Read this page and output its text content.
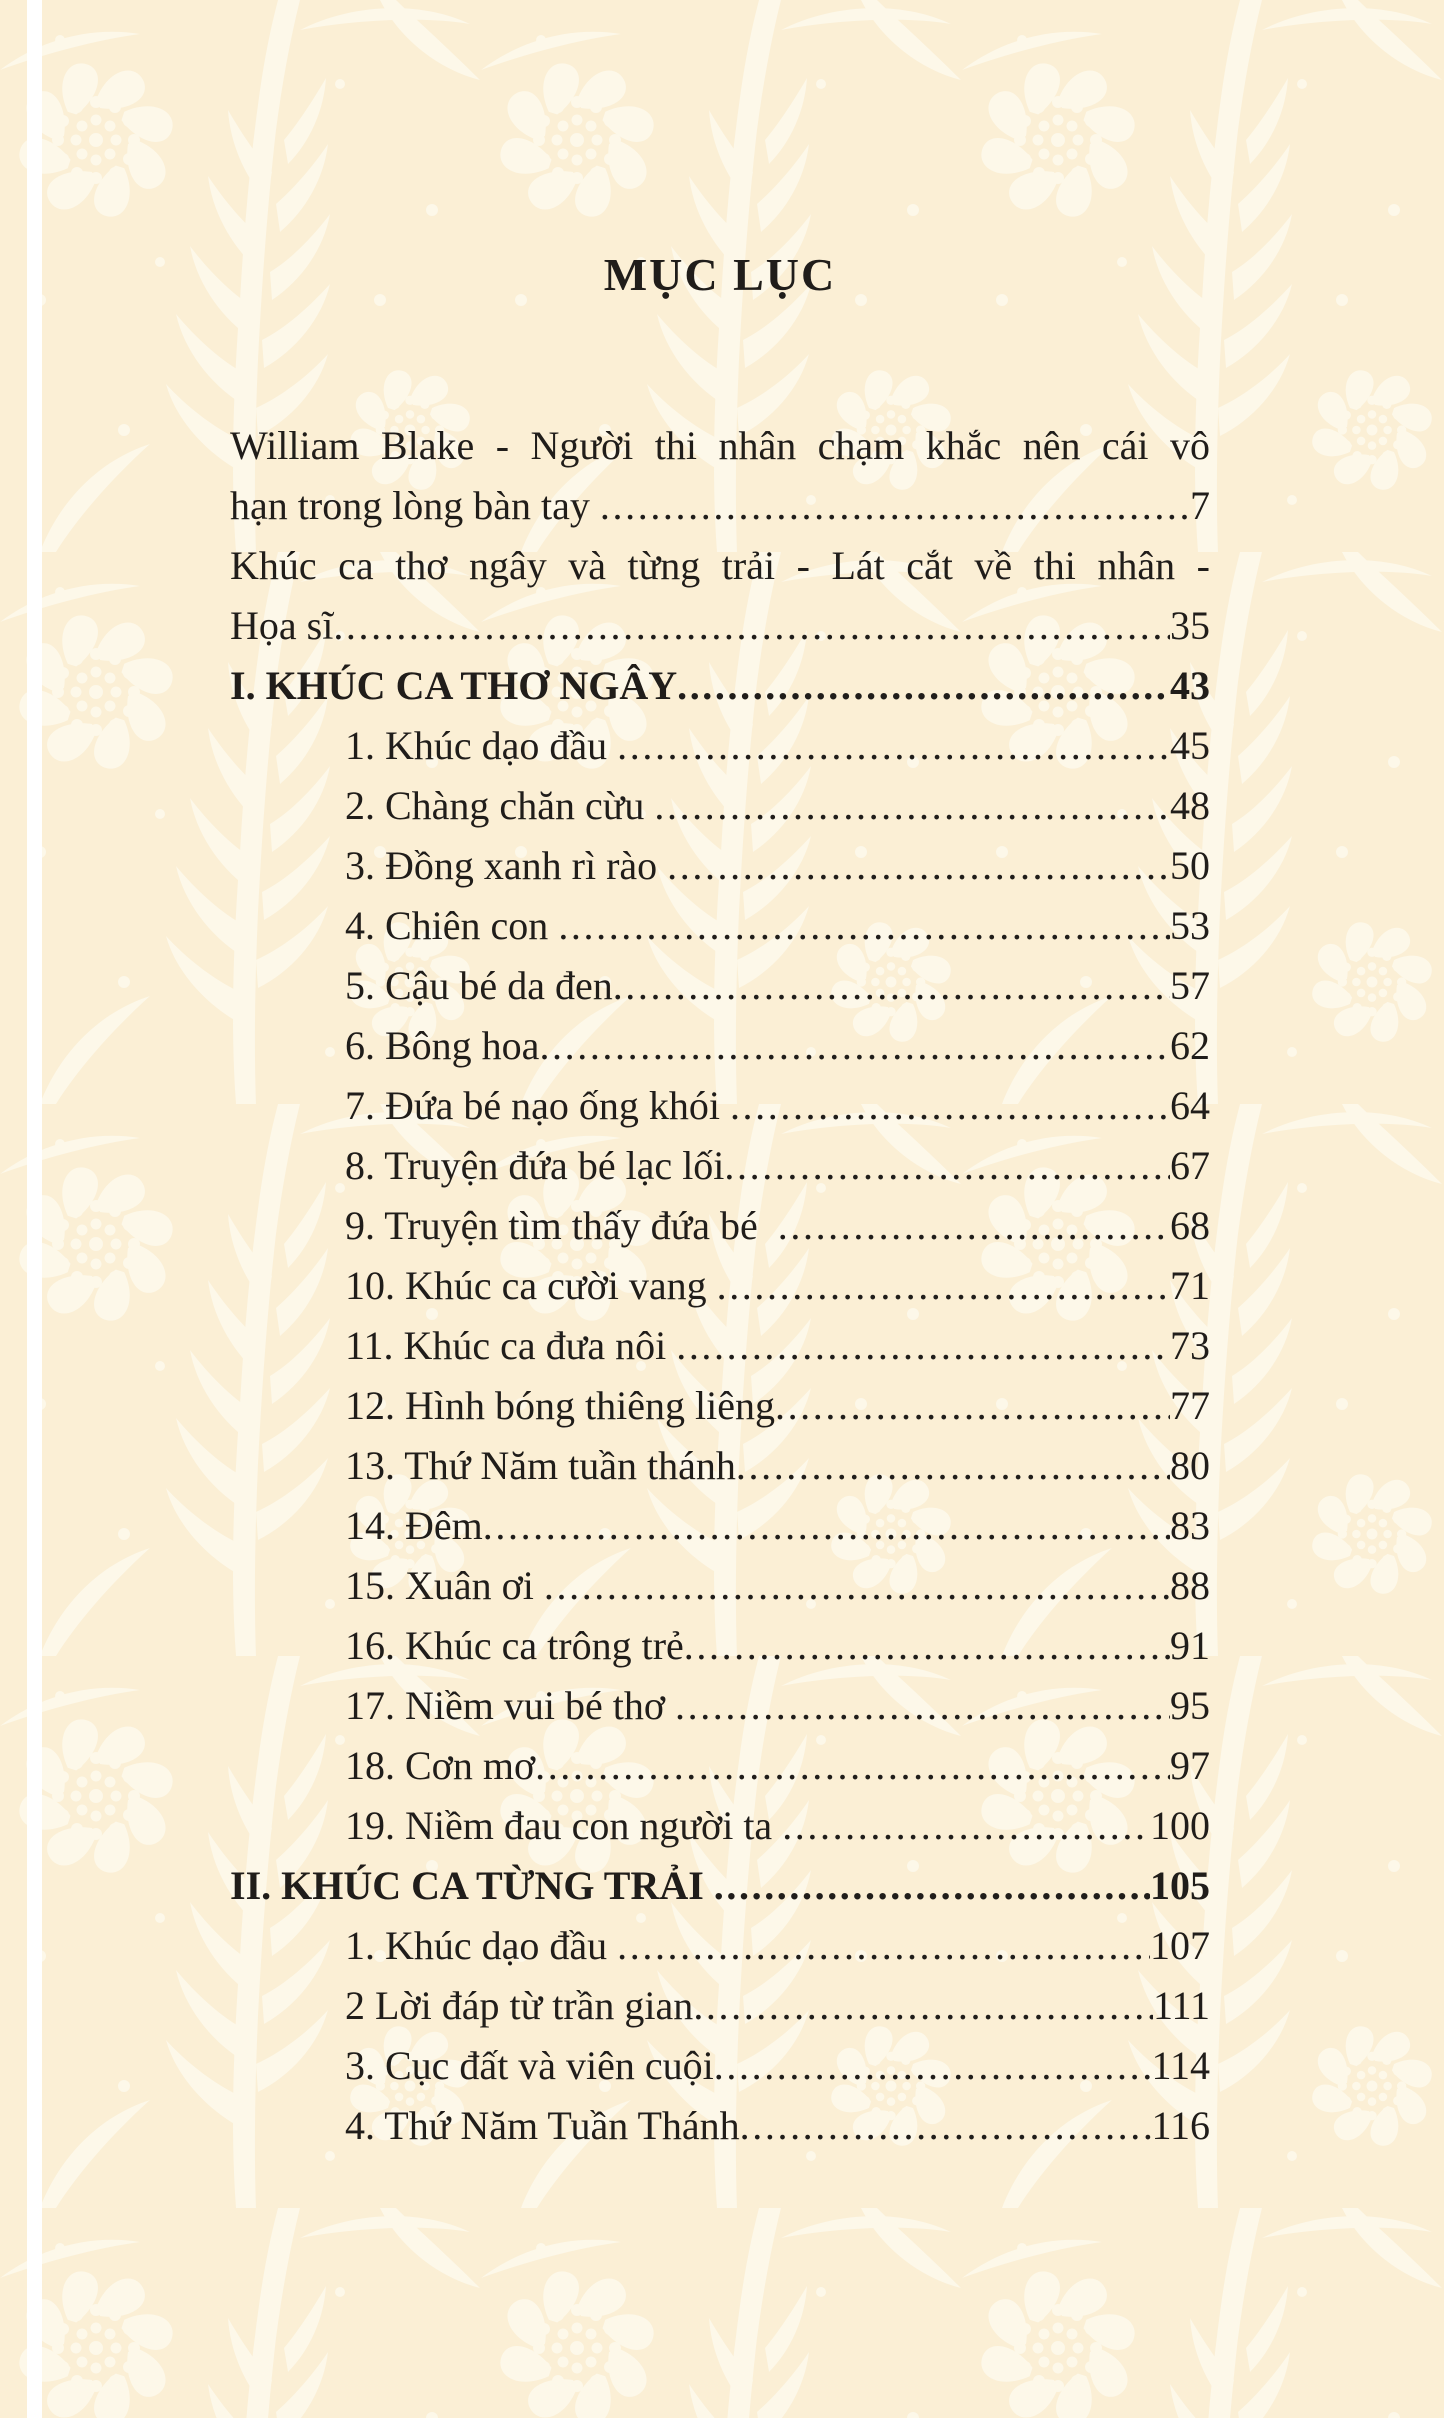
MỤC LỤC
William Blake - Người thi nhân chạm khắc nên cái vô
hạn trong lòng bàn tay .....	7
Khúc ca thơ ngây và từng trải - Lát cắt về thi nhân -
Họa sĩ .....	35
I. KHÚC CA THƠ NGÂY .....	43
1. Khúc dạo đầu .....	45
2. Chàng chăn cừu .....	48
3. Đồng xanh rì rào .....	50
4. Chiên con .....	53
5. Cậu bé da đen .....	57
6. Bông hoa .....	62
7. Đứa bé nạo ống khói .....	64
8. Truyện đứa bé lạc lối .....	67
9. Truyện tìm thấy đứa bé .....	68
10. Khúc ca cười vang .....	71
11. Khúc ca đưa nôi .....	73
12. Hình bóng thiêng liêng .....	77
13. Thứ Năm tuần thánh .....	80
14. Đêm .....	83
15. Xuân ơi .....	88
16. Khúc ca trông trẻ .....	91
17. Niềm vui bé thơ .....	95
18. Cơn mơ .....	97
19. Niềm đau con người ta .....	100
II. KHÚC CA TỪNG TRẢI .....	105
1. Khúc dạo đầu .....	107
2 Lời đáp từ trần gian .....	111
3. Cục đất và viên cuội .....	114
4. Thứ Năm Tuần Thánh .....	116
